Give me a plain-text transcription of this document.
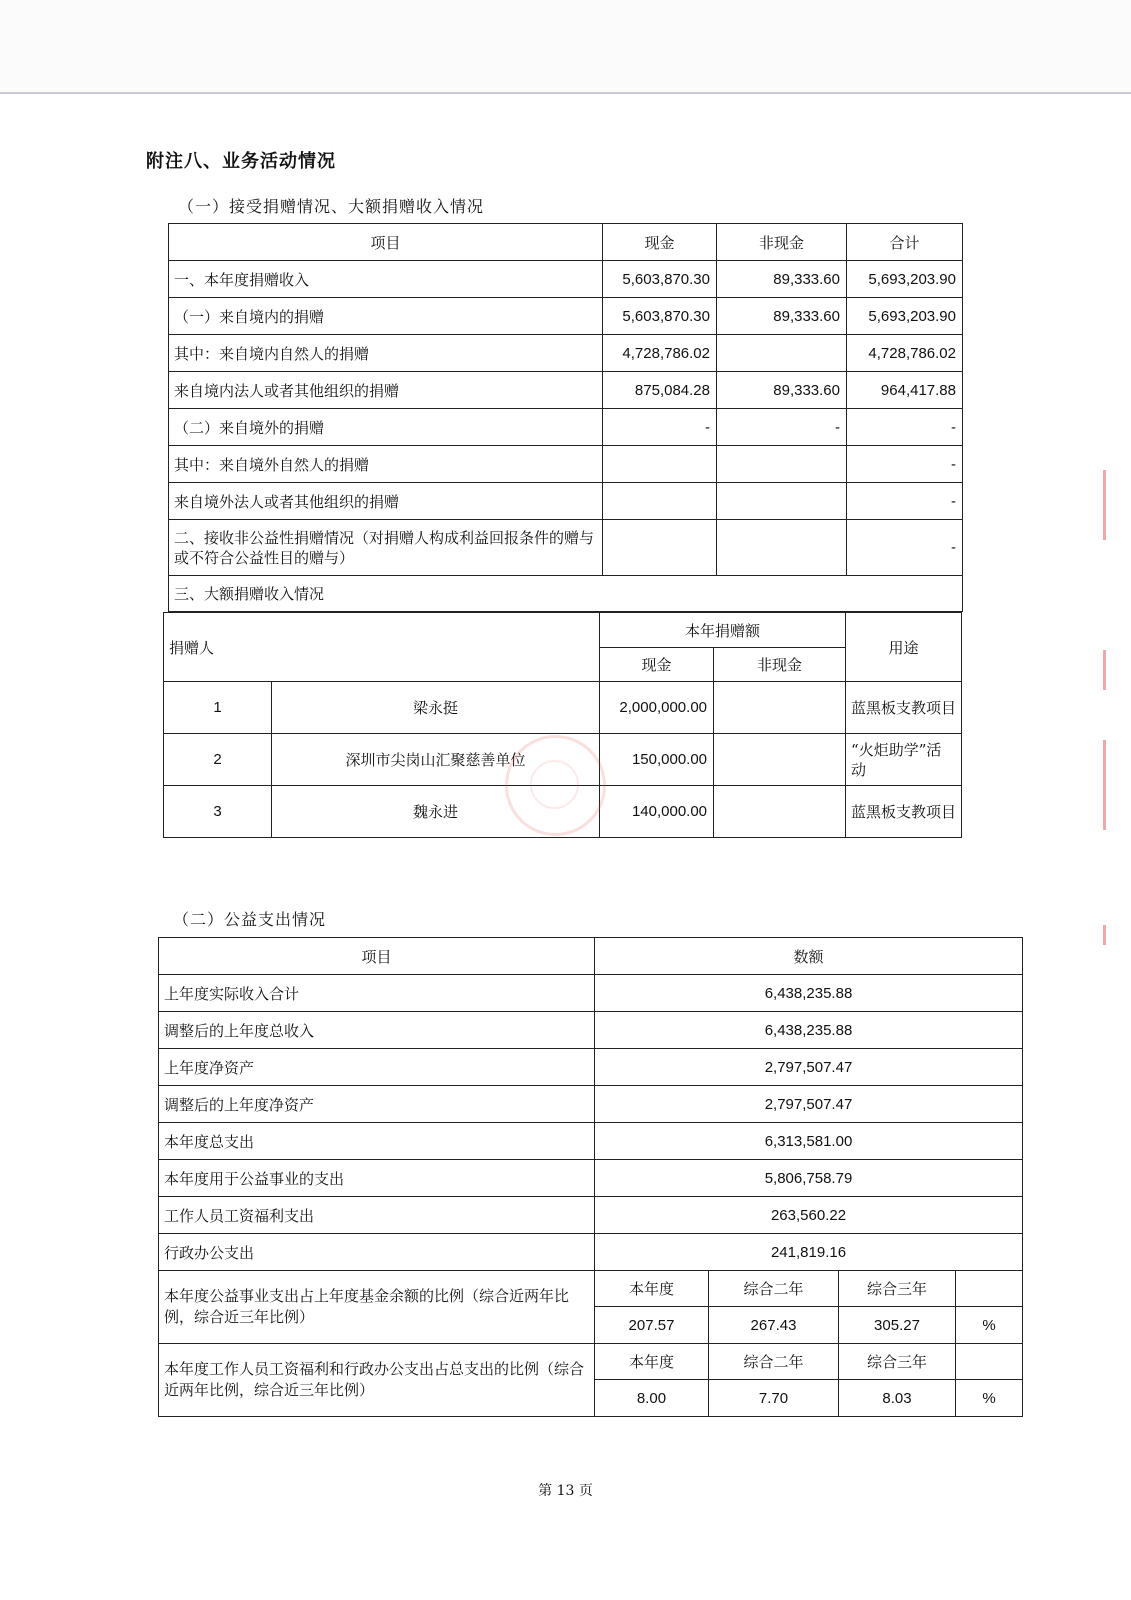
附注八、业务活动情况
（一）接受捐赠情况、大额捐赠收入情况
项目	现金	非现金	合计
一、本年度捐赠收入	5,603,870.30	89,333.60	5,693,203.90
（一）来自境内的捐赠	5,603,870.30	89,333.60	5,693,203.90
其中：来自境内自然人的捐赠	4,728,786.02		4,728,786.02
来自境内法人或者其他组织的捐赠	875,084.28	89,333.60	964,417.88
（二）来自境外的捐赠	-	-	-
其中：来自境外自然人的捐赠			-
来自境外法人或者其他组织的捐赠			-
二、接收非公益性捐赠情况（对捐赠人构成利益回报条件的赠与或不符合公益性目的赠与）			-
三、大额捐赠收入情况			
捐赠人		本年捐赠额		用途
		现金	非现金	
1	梁永挺	2,000,000.00		蓝黑板支教项目
2	深圳市尖岗山汇聚慈善单位	150,000.00		“火炬助学”活动
3	魏永进	140,000.00		蓝黑板支教项目
（二）公益支出情况
项目	数额			
上年度实际收入合计	6,438,235.88			
调整后的上年度总收入	6,438,235.88			
上年度净资产	2,797,507.47			
调整后的上年度净资产	2,797,507.47			
本年度总支出	6,313,581.00			
本年度用于公益事业的支出	5,806,758.79			
工作人员工资福利支出	263,560.22			
行政办公支出	241,819.16			
本年度公益事业支出占上年度基金余额的比例（综合近两年比例，综合近三年比例）	本年度	综合二年	综合三年	
	207.57	267.43	305.27	%
本年度工作人员工资福利和行政办公支出占总支出的比例（综合近两年比例，综合近三年比例）	本年度	综合二年	综合三年	
	8.00	7.70	8.03	%
第 13 页
